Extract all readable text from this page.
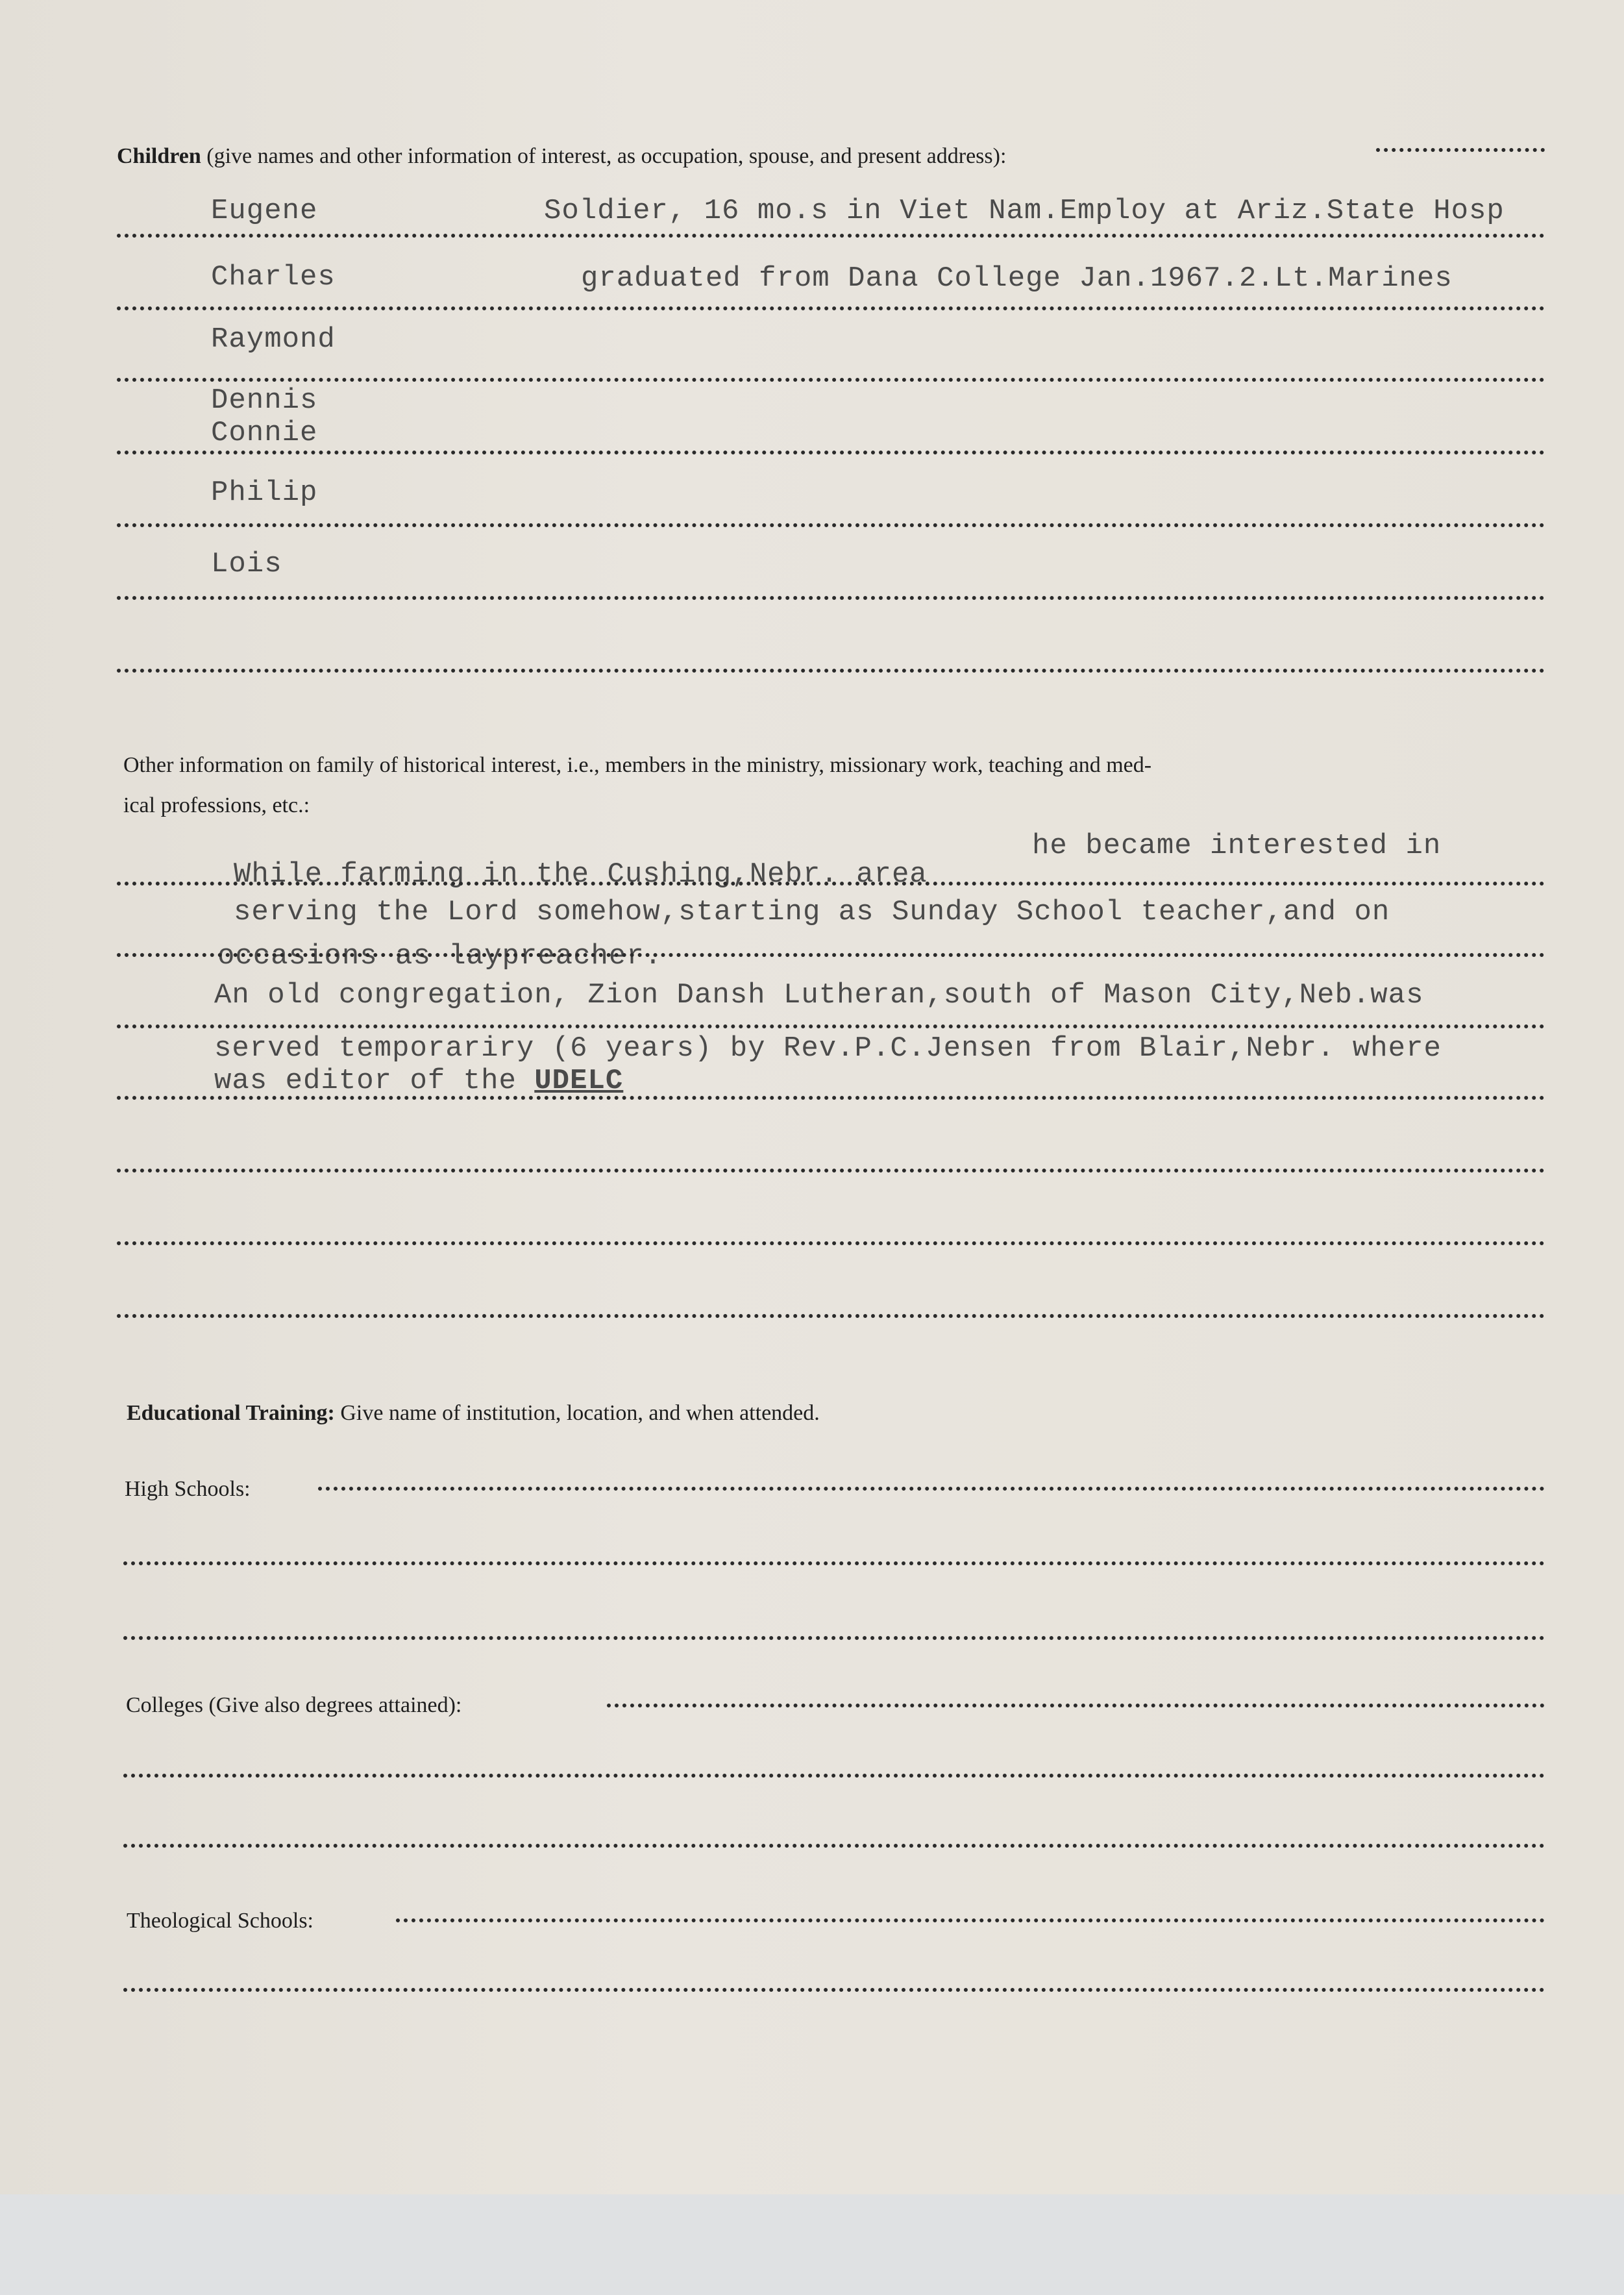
Children (give names and other information of interest, as occupation, spouse, and present address):
Eugene	Soldier, 16 mo.s in Viet Nam.Employ at Ariz.State Hosp
Charles	graduated from Dana College Jan.1967.2.Lt.Marines
Raymond
Dennis
Connie
Philip
Lois
Other information on family of historical interest, i.e., members in the ministry, missionary work, teaching and med-
ical professions, etc.:
he became interested in
While farming in the Cushing,Nebr. area
serving the Lord somehow,starting as Sunday School teacher,and on
occasions as laypreacher.
An old congregation, Zion Dansh Lutheran,south of Mason City,Neb.was
served temporariry (6 years) by Rev.P.C.Jensen from Blair,Nebr. where
was editor of the UDELC
Educational Training: Give name of institution, location, and when attended.
High Schools:
Colleges (Give also degrees attained):
Theological Schools:
